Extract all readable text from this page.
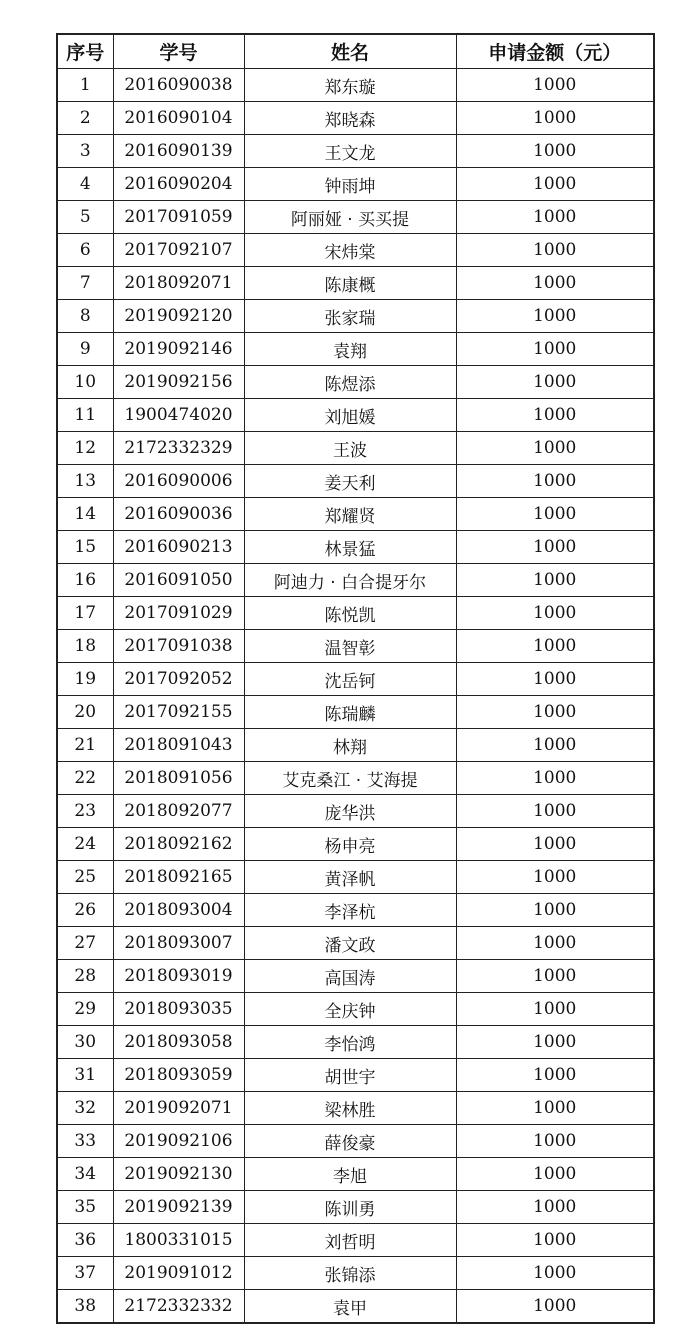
序号	学号	姓名	申请金额（元）
1	2016090038	郑东璇	1000
2	2016090104	郑晓森	1000
3	2016090139	王文龙	1000
4	2016090204	钟雨坤	1000
5	2017091059	阿丽娅 · 买买提	1000
6	2017092107	宋炜棠	1000
7	2018092071	陈康概	1000
8	2019092120	张家瑞	1000
9	2019092146	袁翔	1000
10	2019092156	陈煜添	1000
11	1900474020	刘旭媛	1000
12	2172332329	王波	1000
13	2016090006	姜天利	1000
14	2016090036	郑耀贤	1000
15	2016090213	林景猛	1000
16	2016091050	阿迪力 · 白合提牙尔	1000
17	2017091029	陈悦凯	1000
18	2017091038	温智彰	1000
19	2017092052	沈岳钶	1000
20	2017092155	陈瑞麟	1000
21	2018091043	林翔	1000
22	2018091056	艾克桑江 · 艾海提	1000
23	2018092077	庞华洪	1000
24	2018092162	杨申亮	1000
25	2018092165	黄泽帆	1000
26	2018093004	李泽杭	1000
27	2018093007	潘文政	1000
28	2018093019	高国涛	1000
29	2018093035	全庆钟	1000
30	2018093058	李怡鸿	1000
31	2018093059	胡世宇	1000
32	2019092071	梁林胜	1000
33	2019092106	薛俊豪	1000
34	2019092130	李旭	1000
35	2019092139	陈训勇	1000
36	1800331015	刘哲明	1000
37	2019091012	张锦添	1000
38	2172332332	袁甲	1000
